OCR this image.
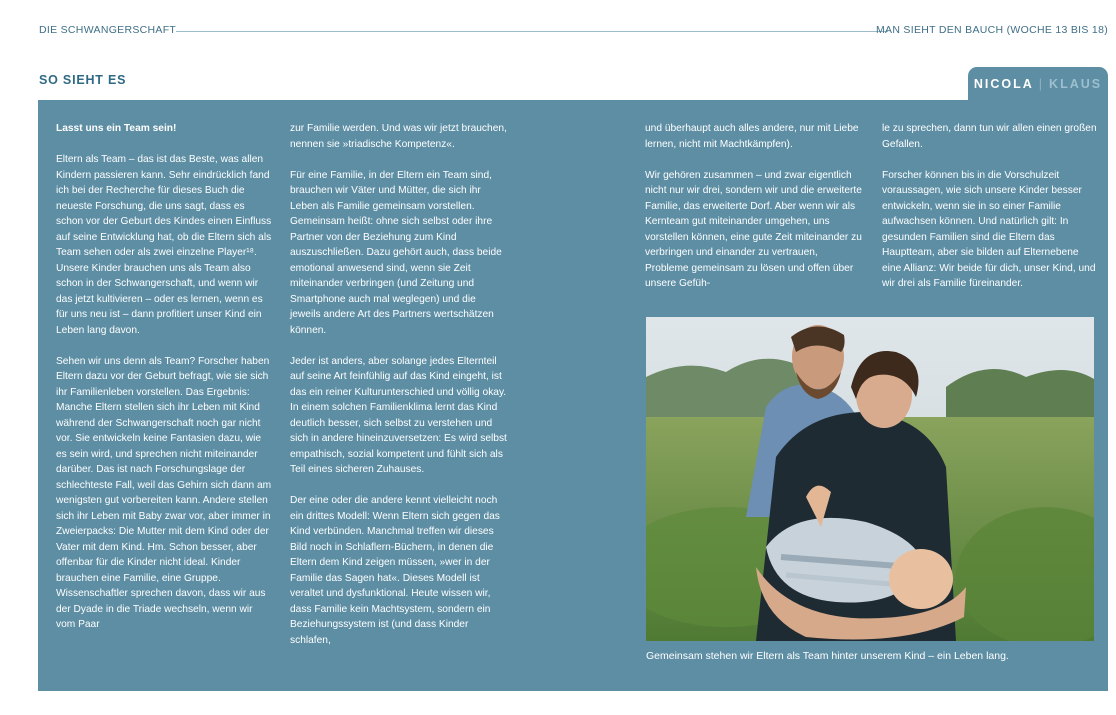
DIE SCHWANGERSCHAFT	MAN SIEHT DEN BAUCH (WOCHE 13 BIS 18)
SO SIEHT ES	NICOLA | KLAUS

Lasst uns ein Team sein!

Eltern als Team – das ist das Beste, was allen Kindern passieren kann. Sehr eindrücklich fand ich bei der Recherche für dieses Buch die neueste Forschung, die uns sagt, dass es schon vor der Geburt des Kindes einen Einfluss auf seine Entwicklung hat, ob die Eltern sich als Team sehen oder als zwei einzelne Player¹⁸. Unsere Kinder brauchen uns als Team also schon in der Schwangerschaft, und wenn wir das jetzt kultivieren – oder es lernen, wenn es für uns neu ist – dann profitiert unser Kind ein Leben lang davon.

Sehen wir uns denn als Team? Forscher haben Eltern dazu vor der Geburt befragt, wie sie sich ihr Familienleben vorstellen. Das Ergebnis: Manche Eltern stellen sich ihr Leben mit Kind während der Schwangerschaft noch gar nicht vor. Sie entwickeln keine Fantasien dazu, wie es sein wird, und sprechen nicht miteinander darüber. Das ist nach Forschungslage der schlechteste Fall, weil das Gehirn sich dann am wenigsten gut vorbereiten kann. Andere stellen sich ihr Leben mit Baby zwar vor, aber immer in Zweierpacks: Die Mutter mit dem Kind oder der Vater mit dem Kind. Hm. Schon besser, aber offenbar für die Kinder nicht ideal. Kinder brauchen eine Familie, eine Gruppe. Wissenschaftler sprechen davon, dass wir aus der Dyade in die Triade wechseln, wenn wir vom Paar

zur Familie werden. Und was wir jetzt brauchen, nennen sie »triadische Kompetenz«.

Für eine Familie, in der Eltern ein Team sind, brauchen wir Väter und Mütter, die sich ihr Leben als Familie gemeinsam vorstellen. Gemeinsam heißt: ohne sich selbst oder ihre Partner von der Beziehung zum Kind auszuschließen. Dazu gehört auch, dass beide emotional anwesend sind, wenn sie Zeit miteinander verbringen (und Zeitung und Smartphone auch mal weglegen) und die jeweils andere Art des Partners wertschätzen können.

Jeder ist anders, aber solange jedes Elternteil auf seine Art feinfühlig auf das Kind eingeht, ist das ein reiner Kulturunterschied und völlig okay. In einem solchen Familienklima lernt das Kind deutlich besser, sich selbst zu verstehen und sich in andere hineinzuversetzen: Es wird selbst empathisch, sozial kompetent und fühlt sich als Teil eines sicheren Zuhauses.

Der eine oder die andere kennt vielleicht noch ein drittes Modell: Wenn Eltern sich gegen das Kind verbünden. Manchmal treffen wir dieses Bild noch in Schlaflern-Büchern, in denen die Eltern dem Kind zeigen müssen, »wer in der Familie das Sagen hat«. Dieses Modell ist veraltet und dysfunktional. Heute wissen wir, dass Familie kein Machtsystem, sondern ein Beziehungssystem ist (und dass Kinder schlafen,

und überhaupt auch alles andere, nur mit Liebe lernen, nicht mit Machtkämpfen).

Wir gehören zusammen – und zwar eigentlich nicht nur wir drei, sondern wir und die erweiterte Familie, das erweiterte Dorf. Aber wenn wir als Kernteam gut miteinander umgehen, uns vorstellen können, eine gute Zeit miteinander zu verbringen und einander zu vertrauen, Probleme gemeinsam zu lösen und offen über unsere Gefüh-

le zu sprechen, dann tun wir allen einen großen Gefallen.

Forscher können bis in die Vorschulzeit voraussagen, wie sich unsere Kinder besser entwickeln, wenn sie in so einer Familie aufwachsen können. Und natürlich gilt: In gesunden Familien sind die Eltern das Hauptteam, aber sie bilden auf Elternebene eine Allianz: Wir beide für dich, unser Kind, und wir drei als Familie füreinander.

Gemeinsam stehen wir Eltern als Team hinter unserem Kind – ein Leben lang.
